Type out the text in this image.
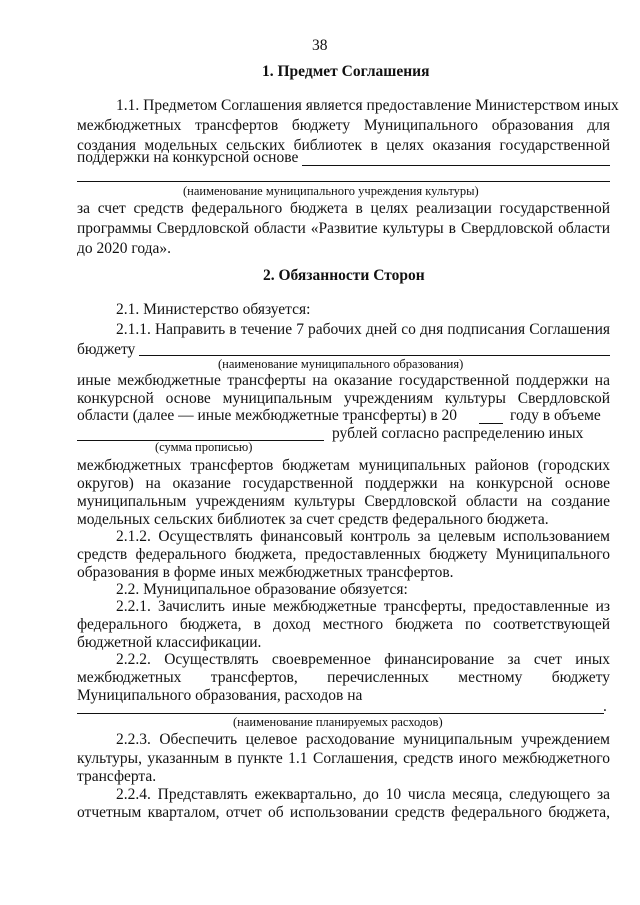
38
1. Предмет Соглашения
1.1. Предметом Соглашения является предоставление Министерством иных
межбюджетных трансфертов бюджету Муниципального образования для
создания модельных сельских библиотек в целях оказания государственной
поддержки на конкурсной основе
(наименование муниципального учреждения культуры)
за счет средств федерального бюджета в целях реализации государственной
программы Свердловской области «Развитие культуры в Свердловской области
до 2020 года».
2. Обязанности Сторон
2.1. Министерство обязуется:
2.1.1. Направить в течение 7 рабочих дней со дня подписания Соглашения
бюджету
(наименование муниципального образования)
иные межбюджетные трансферты на оказание государственной поддержки на
конкурсной основе муниципальным учреждениям культуры Свердловской
области (далее — иные межбюджетные трансферты) в 20	году в объеме
рублей согласно распределению иных
(сумма прописью)
межбюджетных трансфертов бюджетам муниципальных районов (городских
округов) на оказание государственной поддержки на конкурсной основе
муниципальным учреждениям культуры Свердловской области на создание
модельных сельских библиотек за счет средств федерального бюджета.
2.1.2. Осуществлять финансовый контроль за целевым использованием
средств федерального бюджета, предоставленных бюджету Муниципального
образования в форме иных межбюджетных трансфертов.
2.2. Муниципальное образование обязуется:
2.2.1. Зачислить иные межбюджетные трансферты, предоставленные из
федерального бюджета, в доход местного бюджета по соответствующей
бюджетной классификации.
2.2.2. Осуществлять своевременное финансирование за счет иных
межбюджетных трансфертов, перечисленных местному бюджету
Муниципального образования, расходов на
.
(наименование планируемых расходов)
2.2.3. Обеспечить целевое расходование муниципальным учреждением
культуры, указанным в пункте 1.1 Соглашения, средств иного межбюджетного
трансферта.
2.2.4. Представлять ежеквартально, до 10 числа месяца, следующего за
отчетным кварталом, отчет об использовании средств федерального бюджета,
